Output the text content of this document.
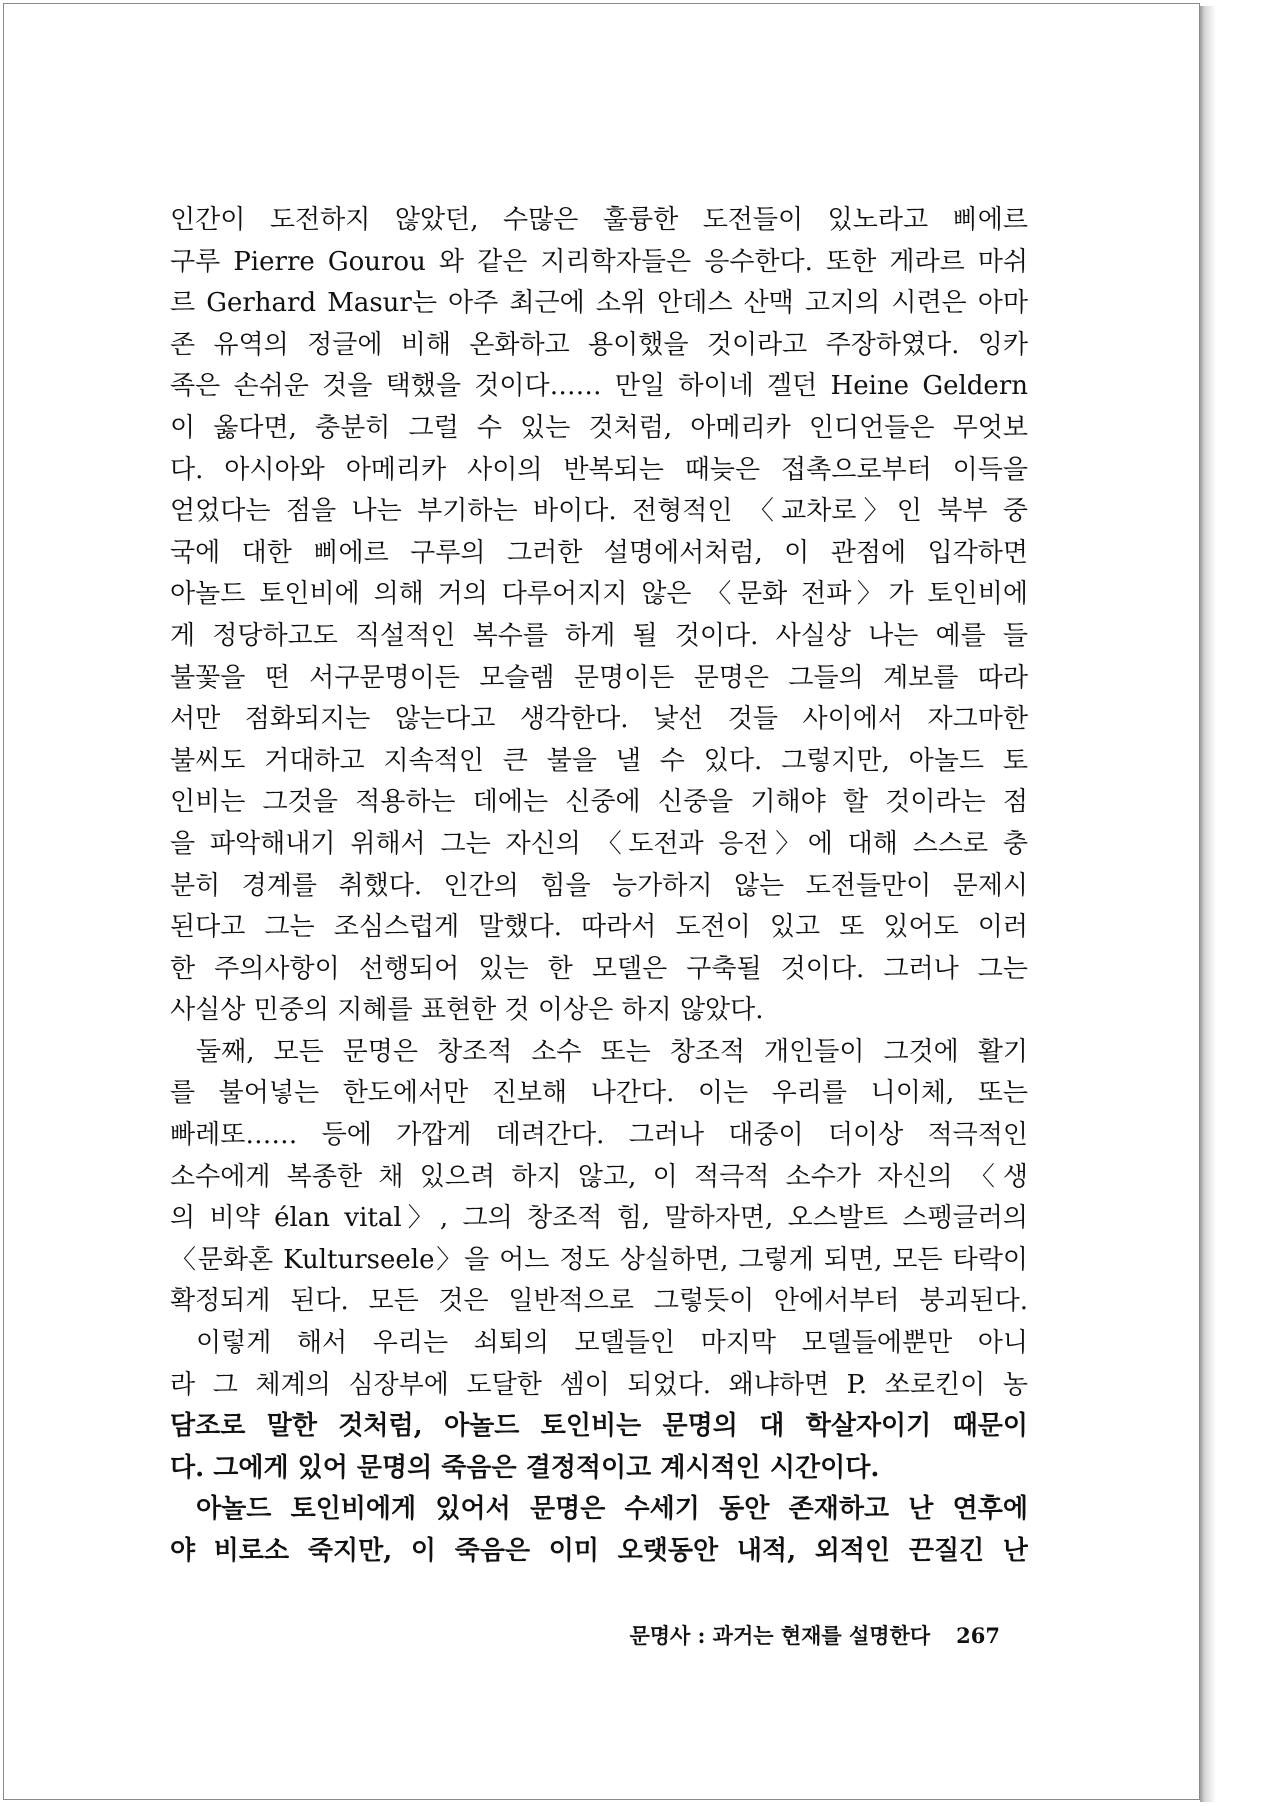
인간이 도전하지 않았던, 수많은 훌륭한 도전들이 있노라고 삐에르
구루 Pierre Gourou 와 같은 지리학자들은 응수한다. 또한 게라르 마쉬
르 Gerhard Masur는 아주 최근에 소위 안데스 산맥 고지의 시련은 아마
존 유역의 정글에 비해 온화하고 용이했을 것이라고 주장하였다. 잉카
족은 손쉬운 것을 택했을 것이다…… 만일 하이네 겔던 Heine Geldern
이 옳다면, 충분히 그럴 수 있는 것처럼, 아메리카 인디언들은 무엇보
다. 아시아와 아메리카 사이의 반복되는 때늦은 접촉으로부터 이득을
얻었다는 점을 나는 부기하는 바이다. 전형적인 〈교차로〉인 북부 중
국에 대한 삐에르 구루의 그러한 설명에서처럼, 이 관점에 입각하면
아놀드 토인비에 의해 거의 다루어지지 않은 〈문화 전파〉가 토인비에
게 정당하고도 직설적인 복수를 하게 될 것이다. 사실상 나는 예를 들
불꽃을 떤 서구문명이든 모슬렘 문명이든 문명은 그들의 계보를 따라
서만 점화되지는 않는다고 생각한다. 낯선 것들 사이에서 자그마한
불씨도 거대하고 지속적인 큰 불을 낼 수 있다. 그렇지만, 아놀드 토
인비는 그것을 적용하는 데에는 신중에 신중을 기해야 할 것이라는 점
을 파악해내기 위해서 그는 자신의 〈도전과 응전〉에 대해 스스로 충
분히 경계를 취했다. 인간의 힘을 능가하지 않는 도전들만이 문제시
된다고 그는 조심스럽게 말했다. 따라서 도전이 있고 또 있어도 이러
한 주의사항이 선행되어 있는 한 모델은 구축될 것이다. 그러나 그는
사실상 민중의 지혜를 표현한 것 이상은 하지 않았다.
둘째, 모든 문명은 창조적 소수 또는 창조적 개인들이 그것에 활기
를 불어넣는 한도에서만 진보해 나간다. 이는 우리를 니이체, 또는
빠레또…… 등에 가깝게 데려간다. 그러나 대중이 더이상 적극적인
소수에게 복종한 채 있으려 하지 않고, 이 적극적 소수가 자신의 〈생
의 비약 élan vital〉, 그의 창조적 힘, 말하자면, 오스발트 스펭글러의
〈문화혼 Kulturseele〉을 어느 정도 상실하면, 그렇게 되면, 모든 타락이
확정되게 된다. 모든 것은 일반적으로 그렇듯이 안에서부터 붕괴된다.
이렇게 해서 우리는 쇠퇴의 모델들인 마지막 모델들에뿐만 아니
라 그 체계의 심장부에 도달한 셈이 되었다. 왜냐하면 P. 쏘로킨이 농
담조로 말한 것처럼, 아놀드 토인비는 문명의 대 학살자이기 때문이
다. 그에게 있어 문명의 죽음은 결정적이고 계시적인 시간이다.
아놀드 토인비에게 있어서 문명은 수세기 동안 존재하고 난 연후에
야 비로소 죽지만, 이 죽음은 이미 오랫동안 내적, 외적인 끈질긴 난
문명사 : 과거는 현재를 설명한다 267
